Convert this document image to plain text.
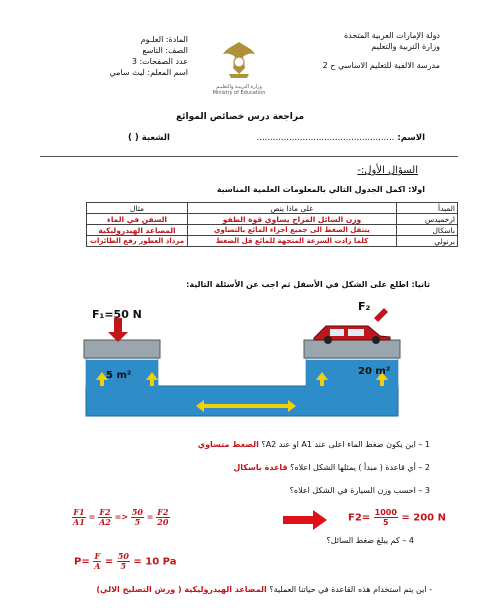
دولة الإمارات العربية المتحدة
وزارة التربية والتعليم
مدرسة الالفية للتعليم الاساسي ح 2
المادة: العلـوم
الصف: التاسع
عدد الصفحات: 3
اسم المعلم: ليث سامي
وزارة التربيـة والتعليـم
Ministry of Education
مراجعة درس خصائص الموائع
الاسم: ...................................................
الشعبة ( )
السؤال الأول:-
اولا: اكمل الجدول التالي بالمعلومات العلمية المناسبة
المبدأ	على ماذا ينص	مثال
ارخميدس	وزن السائل المزاح يساوي قوة الطفو	السفن في الماء
باسكال	ينتقل الضغط الى جميع اجزاء المائع بالتساوي	المصاعد الهيدروليكية
برنولي	كلما زادت السرعة المتجهة للمائع قل الضغط	مرذاذ العطور رفع الطائرات
ثانيا: اطلع على الشكل في الأسفل ثم اجب عن الأسئلة التالية:
F₁=50 N
F₂
5 m²	20 m²
almanahj.com
1 – اين يكون ضغط الماء اعلى عند A1 او عند A2؟ الضغط متساوي
2 – أي قاعدة ( مبدأ ) يمثلها الشكل اعلاه؟ قاعدة باسكال
3 – احسب وزن السيارة في الشكل اعلاه؟
$\frac{F1}{A1} = \frac{F2}{A2} => \frac{50}{5} = \frac{F2}{20}$	$F2= \frac{1000}{5} = 200$ N
4 – كم يبلغ ضغط السائل؟
$P= \frac{F}{A} = \frac{50}{5} = 10$ Pa
- اين يتم استخدام هذه القاعدة في حياتنا العملية؟ المصاعد الهيدروليكية ( ورش التصليح الالي)
